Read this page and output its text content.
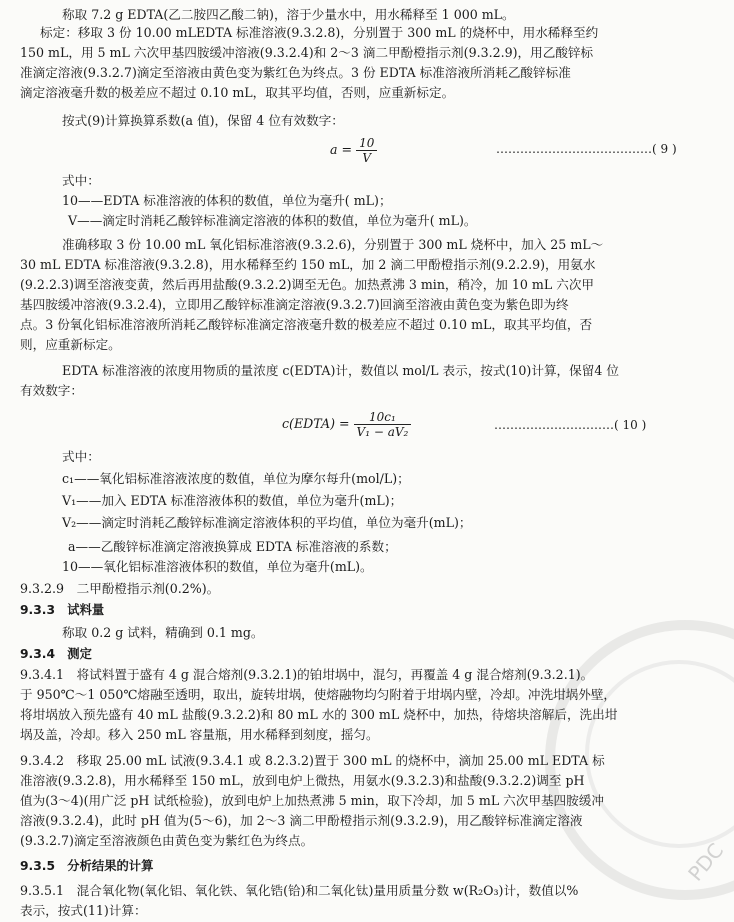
PDC
称取 7.2 g EDTA(乙二胺四乙酸二钠)，溶于少量水中，用水稀释至 1 000 mL。
标定：移取 3 份 10.00 mLEDTA 标准溶液(9.3.2.8)，分别置于 300 mL 的烧杯中，用水稀释至约
150 mL，用 5 mL 六次甲基四胺缓冲溶液(9.3.2.4)和 2～3 滴二甲酚橙指示剂(9.3.2.9)，用乙酸锌标
准滴定溶液(9.3.2.7)滴定至溶液由黄色变为紫红色为终点。3 份 EDTA 标准溶液所消耗乙酸锌标准
滴定溶液毫升数的极差应不超过 0.10 mL，取其平均值，否则，应重新标定。
按式(9)计算换算系数(a 值)，保留 4 位有效数字：
$a = \frac{10}{V}$	…………………………………( 9 )
式中：
10——EDTA 标准溶液的体积的数值，单位为毫升( mL)；
V——滴定时消耗乙酸锌标准滴定溶液的体积的数值，单位为毫升( mL)。
准确移取 3 份 10.00 mL 氧化铝标准溶液(9.3.2.6)，分别置于 300 mL 烧杯中，加入 25 mL～
30 mL EDTA 标准溶液(9.3.2.8)，用水稀释至约 150 mL，加 2 滴二甲酚橙指示剂(9.2.2.9)，用氨水
(9.2.2.3)调至溶液变黄，然后再用盐酸(9.3.2.2)调至无色。加热煮沸 3 min，稍冷，加 10 mL 六次甲
基四胺缓冲溶液(9.3.2.4)，立即用乙酸锌标准滴定溶液(9.3.2.7)回滴至溶液由黄色变为紫色即为终
点。3 份氧化铝标准溶液所消耗乙酸锌标准滴定溶液毫升数的极差应不超过 0.10 mL，取其平均值，否
则，应重新标定。
EDTA 标准溶液的浓度用物质的量浓度 c(EDTA)计，数值以 mol/L 表示，按式(10)计算，保留4 位
有效数字：
c(EDTA) = $\frac{\text{10c₁}}{\text{V₁ − aV₂}}$	…………………………( 10 )
式中：
c₁——氧化铝标准溶液浓度的数值，单位为摩尔每升(mol/L)；
V₁——加入 EDTA 标准溶液体积的数值，单位为毫升(mL)；
V₂——滴定时消耗乙酸锌标准滴定溶液体积的平均值，单位为毫升(mL)；
a——乙酸锌标准滴定溶液换算成 EDTA 标准溶液的系数；
10——氧化铝标准溶液体积的数值，单位为毫升(mL)。
9.3.2.9　二甲酚橙指示剂(0.2%)。
9.3.3　试料量
称取 0.2 g 试料，精确到 0.1 mg。
9.3.4　测定
9.3.4.1　将试料置于盛有 4 g 混合熔剂(9.3.2.1)的铂坩埚中，混匀，再覆盖 4 g 混合熔剂(9.3.2.1)。
于 950℃～1 050℃熔融至透明，取出，旋转坩埚，使熔融物均匀附着于坩埚内壁，冷却。冲洗坩埚外壁，
将坩埚放入预先盛有 40 mL 盐酸(9.3.2.2)和 80 mL 水的 300 mL 烧杯中，加热，待熔块溶解后，洗出坩
埚及盖，冷却。移入 250 mL 容量瓶，用水稀释到刻度，摇匀。
9.3.4.2　移取 25.00 mL 试液(9.3.4.1 或 8.2.3.2)置于 300 mL 的烧杯中，滴加 25.00 mL EDTA 标
准溶液(9.3.2.8)，用水稀释至 150 mL，放到电炉上微热，用氨水(9.3.2.3)和盐酸(9.3.2.2)调至 pH
值为(3～4)(用广泛 pH 试纸检验)，放到电炉上加热煮沸 5 min，取下冷却，加 5 mL 六次甲基四胺缓冲
溶液(9.3.2.4)，此时 pH 值为(5～6)，加 2～3 滴二甲酚橙指示剂(9.3.2.9)，用乙酸锌标准滴定溶液
(9.3.2.7)滴定至溶液颜色由黄色变为紫红色为终点。
9.3.5　分析结果的计算
9.3.5.1　混合氧化物(氧化铝、氧化铁、氧化锆(铪)和二氧化钛)量用质量分数 w(R₂O₃)计，数值以%
表示，按式(11)计算：
